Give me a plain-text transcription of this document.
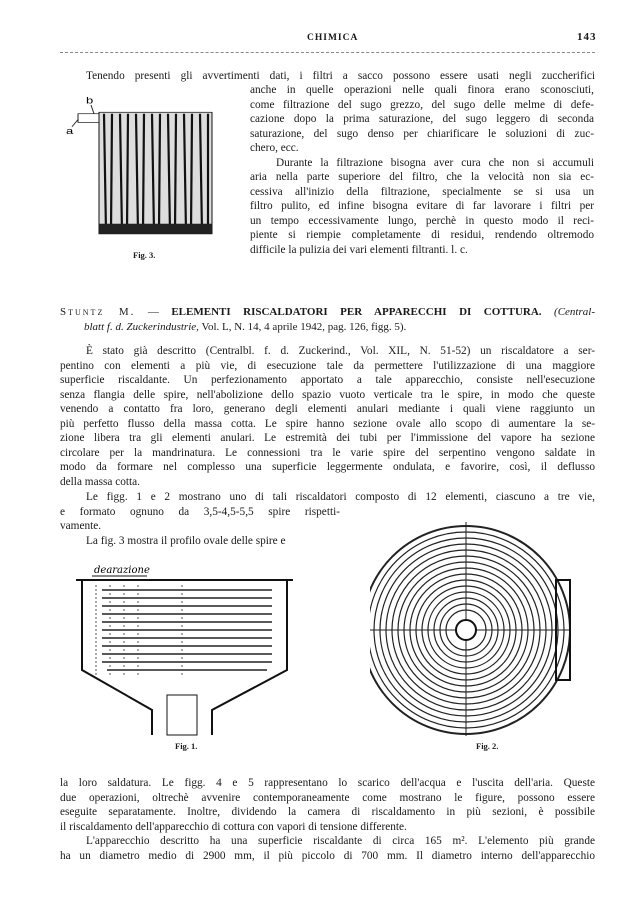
CHIMICA	143
Tenendo presenti gli avvertimenti dati, i filtri a sacco possono essere usati negli zuccherifici
anche in quelle operazioni nelle quali finora erano sconosciuti,
come filtrazione del sugo grezzo, del sugo delle melme di defe-
cazione dopo la prima saturazione, del sugo leggero di seconda
saturazione, del sugo denso per chiarificare le soluzioni di zuc-
chero, ecc.
Durante la filtrazione bisogna aver cura che non si accumuli
aria nella parte superiore del filtro, che la velocità non sia ec-
cessiva all'inizio della filtrazione, specialmente se si usa un
filtro pulito, ed infine bisogna evitare di far lavorare i filtri per
un tempo eccessivamente lungo, perchè in questo modo il reci-
piente si riempie completamente di residui, rendendo oltremodo
difficile la pulizia dei vari elementi filtranti. l. c.
b
a
Fig. 3.
Stuntz M. — ELEMENTI RISCALDATORI PER APPARECCHI DI COTTURA. (Central-
blatt f. d. Zuckerindustrie, Vol. L, N. 14, 4 aprile 1942, pag. 126, figg. 5).
È stato già descritto (Centralbl. f. d. Zuckerind., Vol. XIL, N. 51-52) un riscaldatore a ser-
pentino con elementi a più vie, di esecuzione tale da permettere l'utilizzazione di una maggiore
superficie riscaldante. Un perfezionamento apportato a tale apparecchio, consiste nell'esecuzione
senza flangia delle spire, nell'abolizione dello spazio vuoto verticale tra le spire, in modo che queste
venendo a contatto fra loro, generano degli elementi anulari mediante i quali viene raggiunto un
più perfetto flusso della massa cotta. Le spire hanno sezione ovale allo scopo di aumentare la se-
zione libera tra gli elementi anulari. Le estremità dei tubi per l'immissione del vapore ha sezione
circolare per la mandrinatura. Le connessioni tra le varie spire del serpentino vengono saldate in
modo da formare nel complesso una superficie leggermente ondulata, e favorire, così, il deflusso
della massa cotta.
Le figg. 1 e 2 mostrano uno di tali riscaldatori composto di 12 elementi, ciascuno a tre vie,
e formato ognuno da 3,5-4,5-5,5 spire rispetti-
vamente.
La fig. 3 mostra il profilo ovale delle spire e
dearazione
Fig. 1.	Fig. 2.
la loro saldatura. Le figg. 4 e 5 rappresentano lo scarico dell'acqua e l'uscita dell'aria. Queste
due operazioni, oltrechè avvenire contemporaneamente come mostrano le figure, possono essere
eseguite separatamente. Inoltre, dividendo la camera di riscaldamento in più sezioni, è possibile
il riscaldamento dell'apparecchio di cottura con vapori di tensione differente.
L'apparecchio descritto ha una superficie riscaldante di circa 165 m². L'elemento più grande
ha un diametro medio di 2900 mm, il più piccolo di 700 mm. Il diametro interno dell'apparecchio
